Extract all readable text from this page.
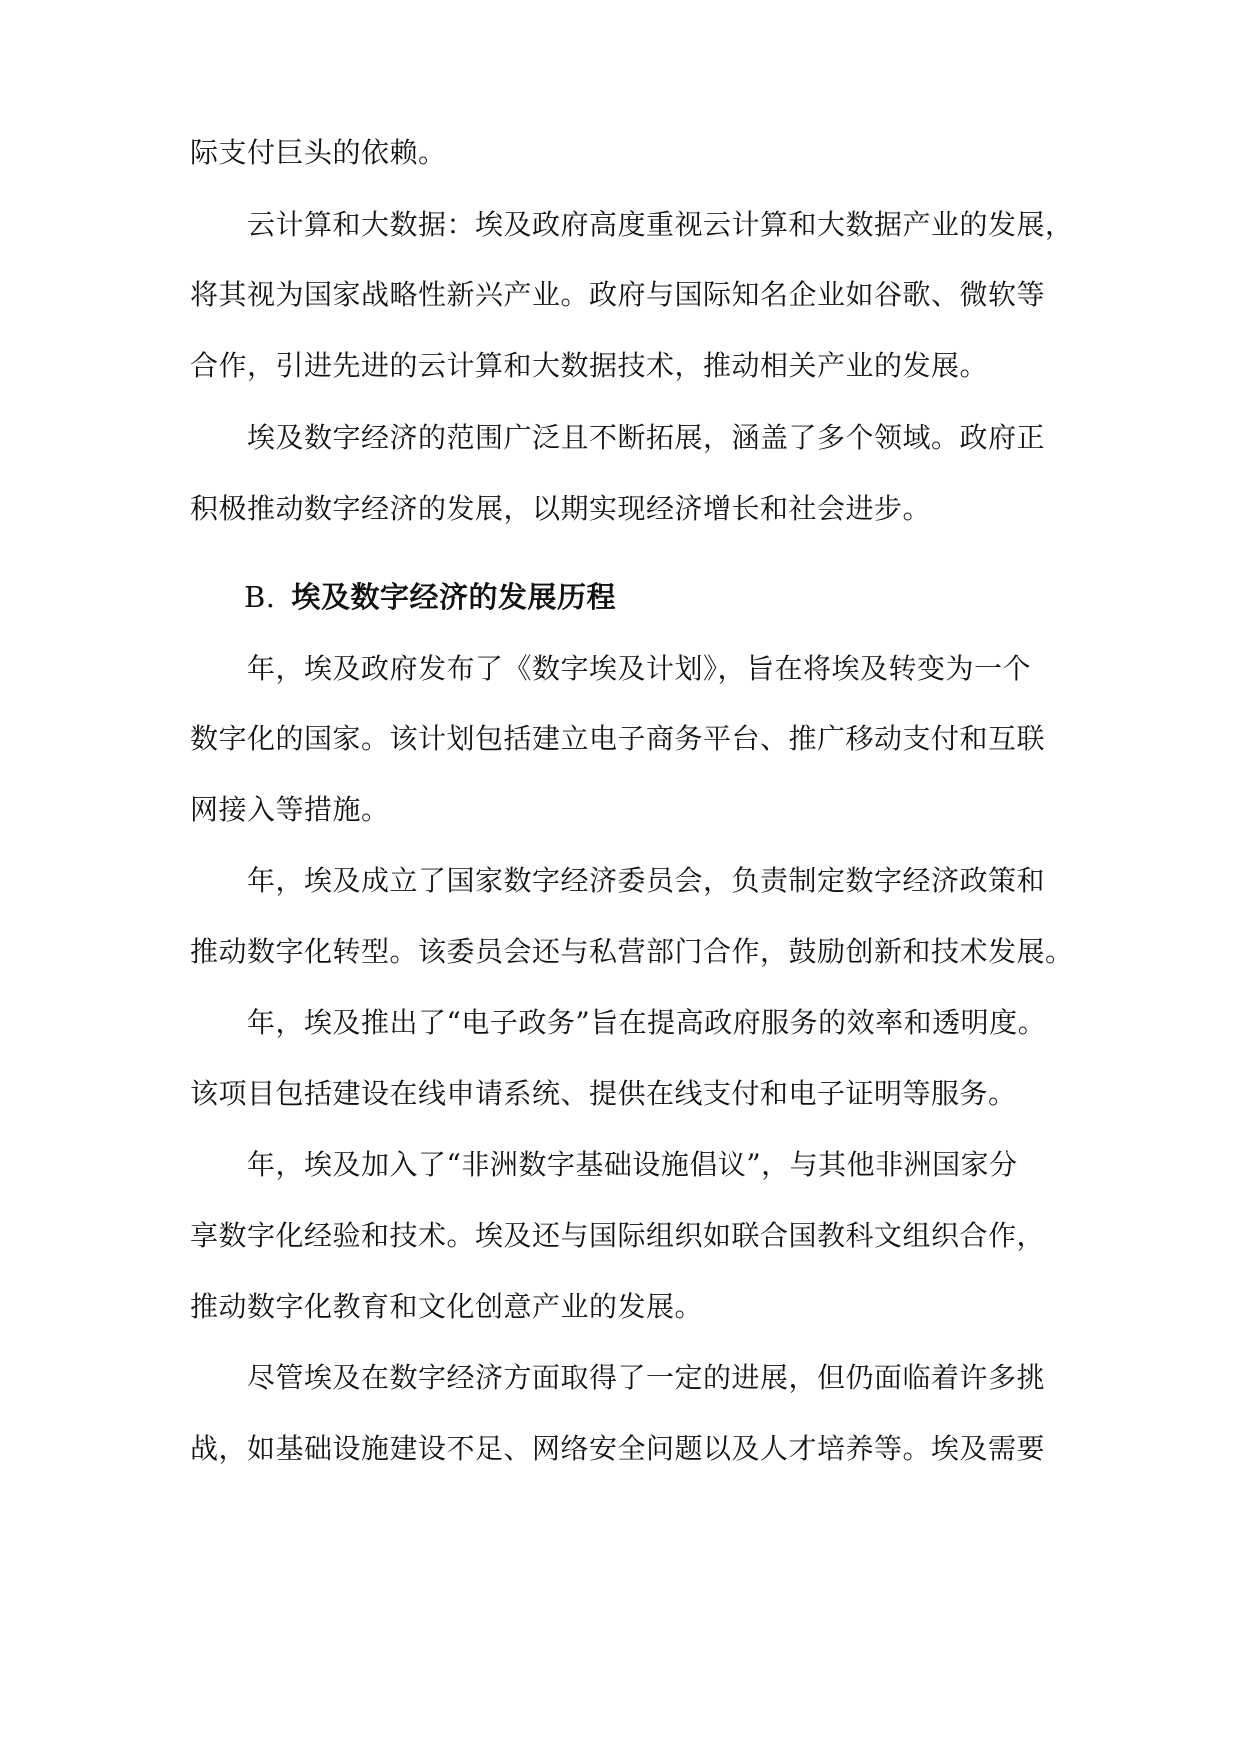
际支付巨头的依赖。
云计算和大数据：埃及政府高度重视云计算和大数据产业的发展，
将其视为国家战略性新兴产业。政府与国际知名企业如谷歌、微软等
合作，引进先进的云计算和大数据技术，推动相关产业的发展。
埃及数字经济的范围广泛且不断拓展，涵盖了多个领域。政府正
积极推动数字经济的发展，以期实现经济增长和社会进步。
B. 埃及数字经济的发展历程
年，埃及政府发布了《数字埃及计划》，旨在将埃及转变为一个
数字化的国家。该计划包括建立电子商务平台、推广移动支付和互联
网接入等措施。
年，埃及成立了国家数字经济委员会，负责制定数字经济政策和
推动数字化转型。该委员会还与私营部门合作，鼓励创新和技术发展。
年，埃及推出了“电子政务”旨在提高政府服务的效率和透明度。
该项目包括建设在线申请系统、提供在线支付和电子证明等服务。
年，埃及加入了“非洲数字基础设施倡议”，与其他非洲国家分
享数字化经验和技术。埃及还与国际组织如联合国教科文组织合作，
推动数字化教育和文化创意产业的发展。
尽管埃及在数字经济方面取得了一定的进展，但仍面临着许多挑
战，如基础设施建设不足、网络安全问题以及人才培养等。埃及需要
